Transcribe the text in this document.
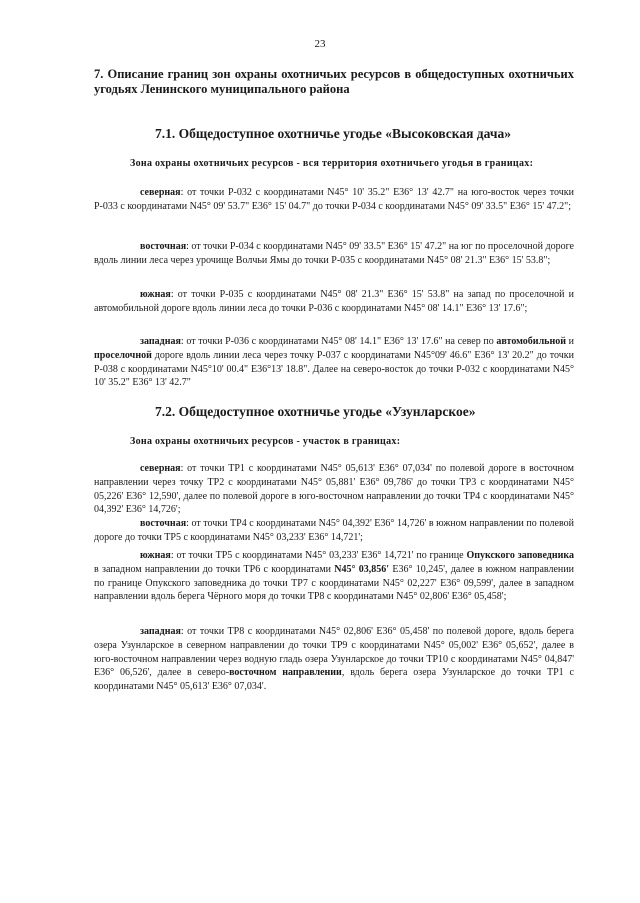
23
7. Описание границ зон охраны охотничьих ресурсов в общедоступных охотничьих угодьях Ленинского муниципального района
7.1. Общедоступное охотничье угодье «Высоковская дача»
Зона охраны охотничьих ресурсов - вся территория охотничьего угодья в границах:
северная: от точки Р-032 с координатами N45° 10' 35.2" E36° 13' 42.7" на юго-восток через точки Р-033 с координатами N45° 09' 53.7" E36° 15' 04.7" до точки Р-034 с координатами N45° 09' 33.5" E36° 15' 47.2";
восточная: от точки Р-034 с координатами N45° 09' 33.5" E36° 15' 47.2" на юг по проселочной дороге вдоль линии леса через урочище Волчьи Ямы до точки Р-035 с координатами N45° 08' 21.3" E36° 15' 53.8";
южная: от точки Р-035 с координатами N45° 08' 21.3" E36° 15' 53.8" на запад по проселочной и автомобильной дороге вдоль линии леса до точки Р-036 с координатами N45° 08' 14.1" E36° 13' 17.6";
западная: от точки Р-036 с координатами N45° 08' 14.1" E36° 13' 17.6" на север по автомобильной и проселочной дороге вдоль линии леса через точку Р-037 с координатами N45°09' 46.6" E36° 13' 20.2" до точки Р-038 с координатами N45°10' 00.4" E36°13' 18.8". Далее на северо-восток до точки Р-032 с координатами N45° 10' 35.2" E36° 13' 42.7"
7.2. Общедоступное охотничье угодье «Узунларское»
Зона охраны охотничьих ресурсов - участок в границах:
северная: от точки ТР1 с координатами N45° 05,613' E36° 07,034' по полевой дороге в восточном направлении через точку ТР2 с координатами N45° 05,881' E36° 09,786' до точки ТР3 с координатами N45° 05,226' E36° 12,590', далее по полевой дороге в юго-восточном направлении до точки ТР4 с координатами N45° 04,392' E36° 14,726';
восточная: от точки ТР4 с координатами N45° 04,392' E36° 14,726' в южном направлении по полевой дороге до точки ТР5 с координатами N45° 03,233' E36° 14,721';
южная: от точки ТР5 с координатами N45° 03,233' E36° 14,721' по границе Опукского заповедника в западном направлении до точки ТР6 с координатами N45° 03,856' E36° 10,245', далее в южном направлении по границе Опукского заповедника до точки ТР7 с координатами N45° 02,227' E36° 09,599', далее в западном направлении вдоль берега Чёрного моря до точки ТР8 с координатами N45° 02,806' E36° 05,458';
западная: от точки ТР8 с координатами N45° 02,806' E36° 05,458' по полевой дороге, вдоль берега озера Узунларское в северном направлении до точки ТР9 с координатами N45° 05,002' E36° 05,652', далее в юго-восточном направлении через водную гладь озера Узунларское до точки ТР10 с координатами N45° 04,847' E36° 06,526', далее в северо-восточном направлении, вдоль берега озера Узунларское до точки ТР1 с координатами N45° 05,613' E36° 07,034'.
